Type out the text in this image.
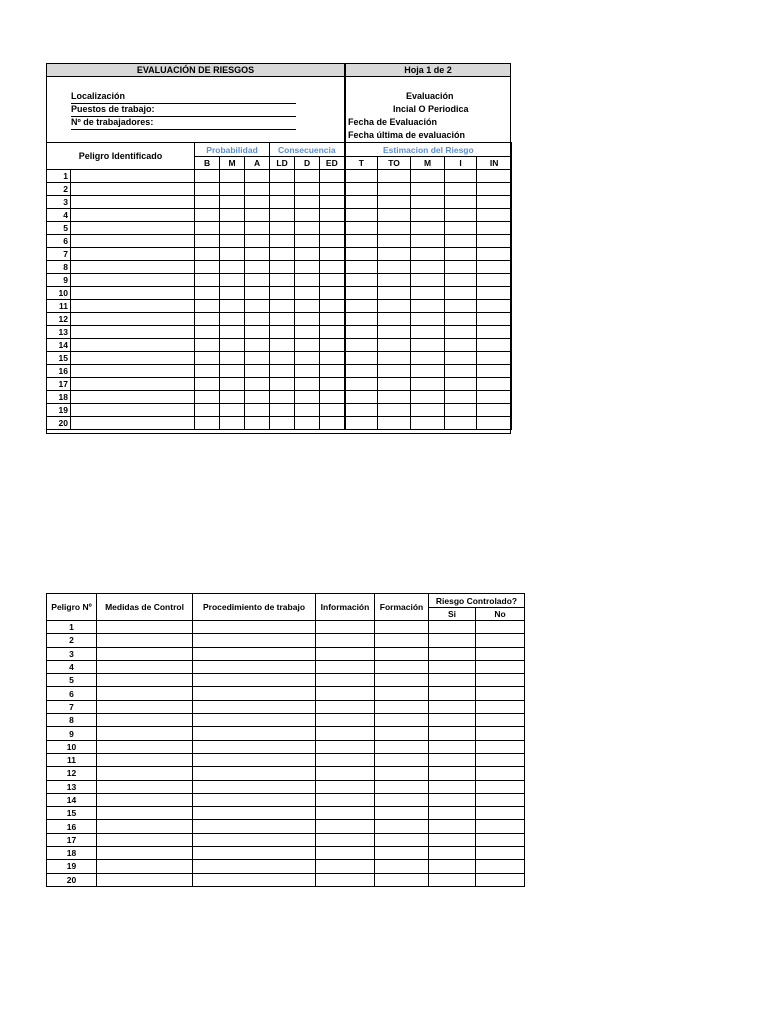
EVALUACIÓN DE RIESGOS	Hoja 1 de 2
Localización
Puestos de trabajo:
Nº de trabajadores:
Evaluación
Incial O Periodica
Fecha de Evaluación
Fecha última de evaluación
Peligro Identificado		Probabilidad			Consecuencia			Estimacion del Riesgo				
		B	M	A	LD	D	ED	T	TO	M	I	IN
1												
2												
3												
4												
5												
6												
7												
8												
9												
10												
11												
12												
13												
14												
15												
16												
17												
18												
19												
20												
Peligro Nº	Medidas de Control	Procedimiento de trabajo	Información	Formación	Riesgo Controlado?	
					Si	No
1						
2						
3						
4						
5						
6						
7						
8						
9						
10						
11						
12						
13						
14						
15						
16						
17						
18						
19						
20						
